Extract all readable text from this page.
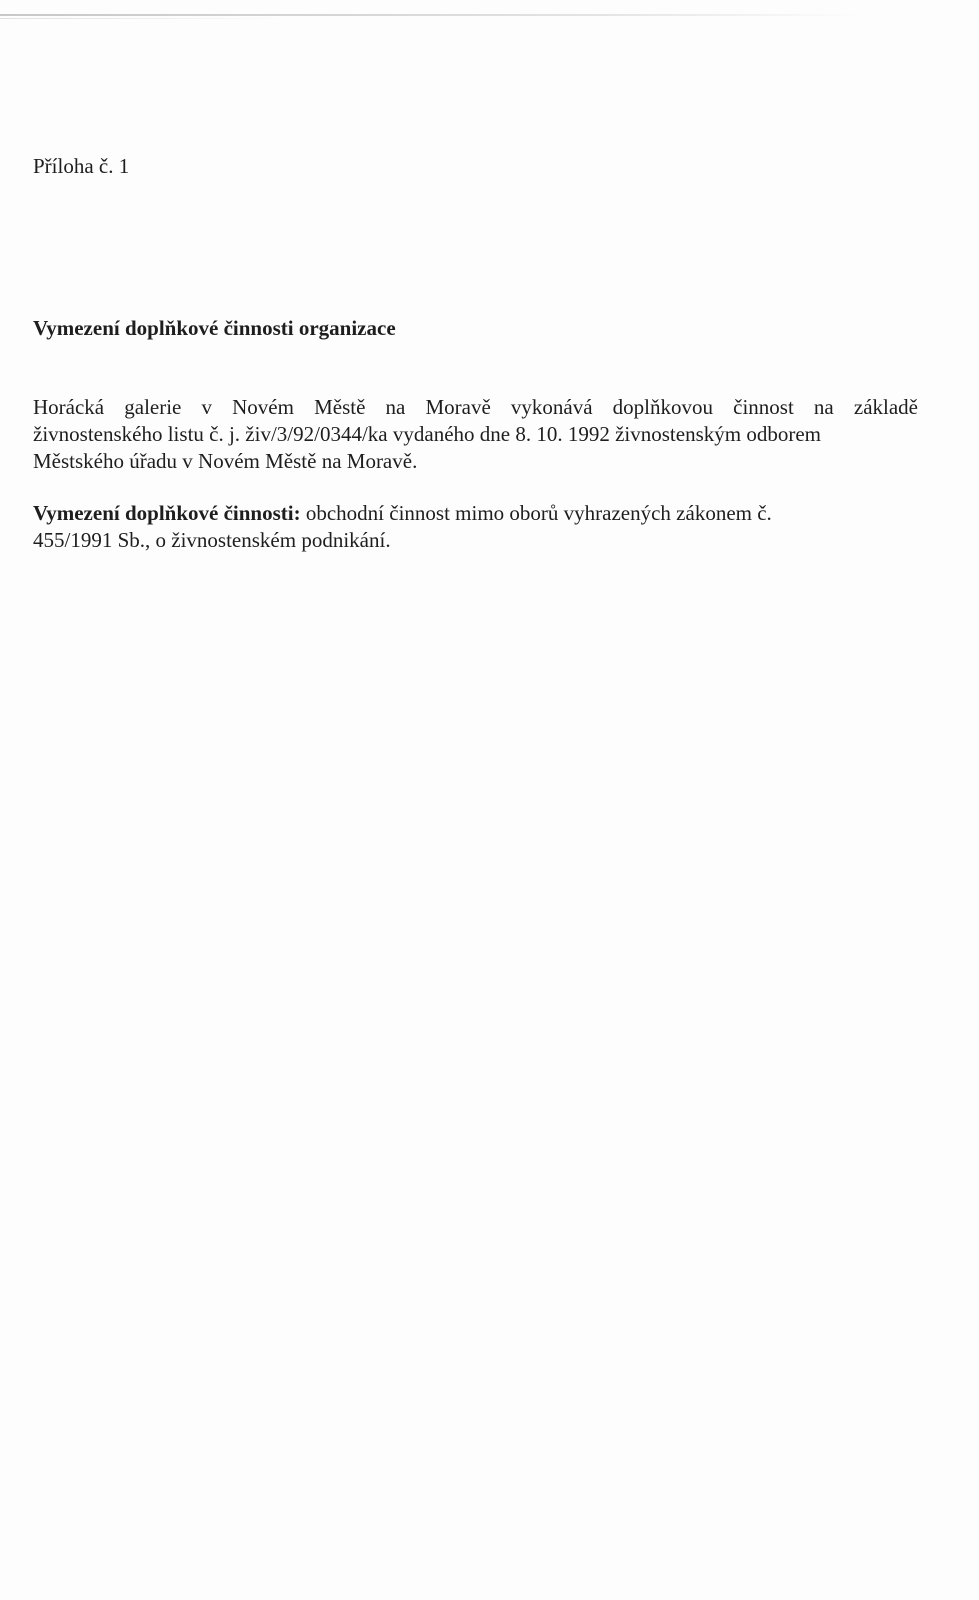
Příloha č. 1
Vymezení doplňkové činnosti organizace
Horácká galerie v Novém Městě na Moravě vykonává doplňkovou činnost na základě
živnostenského listu č. j. živ/3/92/0344/ka vydaného dne 8. 10. 1992 živnostenským odborem
Městského úřadu v Novém Městě na Moravě.
Vymezení doplňkové činnosti: obchodní činnost mimo oborů vyhrazených zákonem č.
455/1991 Sb., o živnostenském podnikání.
